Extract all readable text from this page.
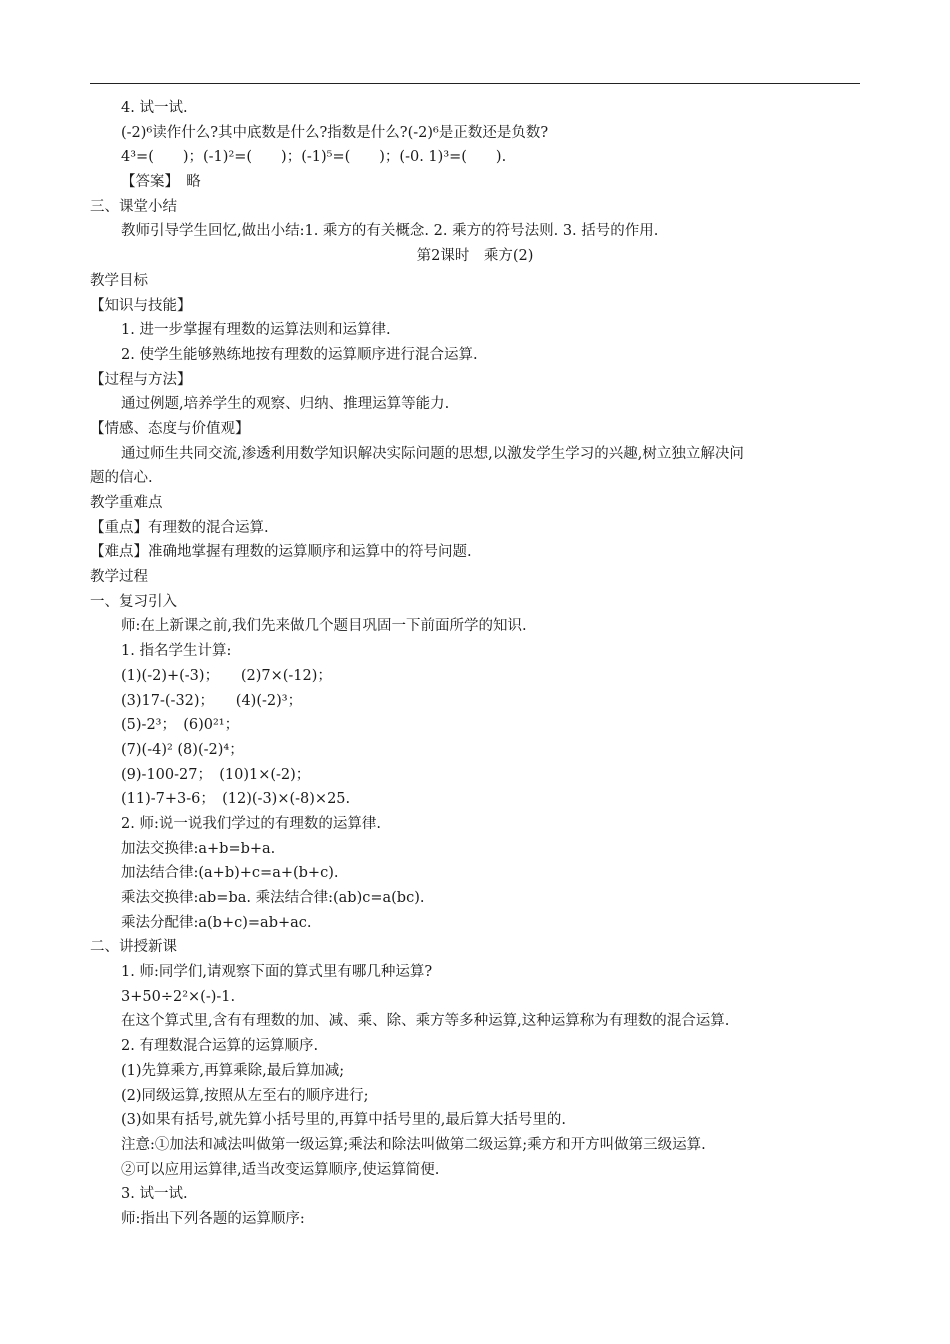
4. 试一试.
(-2)⁶读作什么?其中底数是什么?指数是什么?(-2)⁶是正数还是负数?
4³=(　　)；(-1)²=(　　)；(-1)⁵=(　　)；(-0. 1)³=(　　).
【答案】　略
三、课堂小结
教师引导学生回忆,做出小结:1. 乘方的有关概念. 2. 乘方的符号法则. 3. 括号的作用.
第2课时　乘方(2)
教学目标
【知识与技能】
1. 进一步掌握有理数的运算法则和运算律.
2. 使学生能够熟练地按有理数的运算顺序进行混合运算.
【过程与方法】
通过例题,培养学生的观察、归纳、推理运算等能力.
【情感、态度与价值观】
通过师生共同交流,渗透利用数学知识解决实际问题的思想,以激发学生学习的兴趣,树立独立解决问
题的信心.
教学重难点
【重点】有理数的混合运算.
【难点】准确地掌握有理数的运算顺序和运算中的符号问题.
教学过程
一、复习引入
师:在上新课之前,我们先来做几个题目巩固一下前面所学的知识.
1. 指名学生计算:
(1)(-2)+(-3)；　　(2)7×(-12)；
(3)17-(-32)；　　(4)(-2)³；
(5)-2³；　(6)0²¹；
(7)(-4)² (8)(-2)⁴；
(9)-100-27；　(10)1×(-2)；
(11)-7+3-6；　(12)(-3)×(-8)×25.
2. 师:说一说我们学过的有理数的运算律.
加法交换律:a+b=b+a.
加法结合律:(a+b)+c=a+(b+c).
乘法交换律:ab=ba. 乘法结合律:(ab)c=a(bc).
乘法分配律:a(b+c)=ab+ac.
二、讲授新课
1. 师:同学们,请观察下面的算式里有哪几种运算?
3+50÷2²×(-)-1.
在这个算式里,含有有理数的加、减、乘、除、乘方等多种运算,这种运算称为有理数的混合运算.
2. 有理数混合运算的运算顺序.
(1)先算乘方,再算乘除,最后算加减;
(2)同级运算,按照从左至右的顺序进行;
(3)如果有括号,就先算小括号里的,再算中括号里的,最后算大括号里的.
注意:①加法和减法叫做第一级运算;乘法和除法叫做第二级运算;乘方和开方叫做第三级运算.
②可以应用运算律,适当改变运算顺序,使运算简便.
3. 试一试.
师:指出下列各题的运算顺序:
